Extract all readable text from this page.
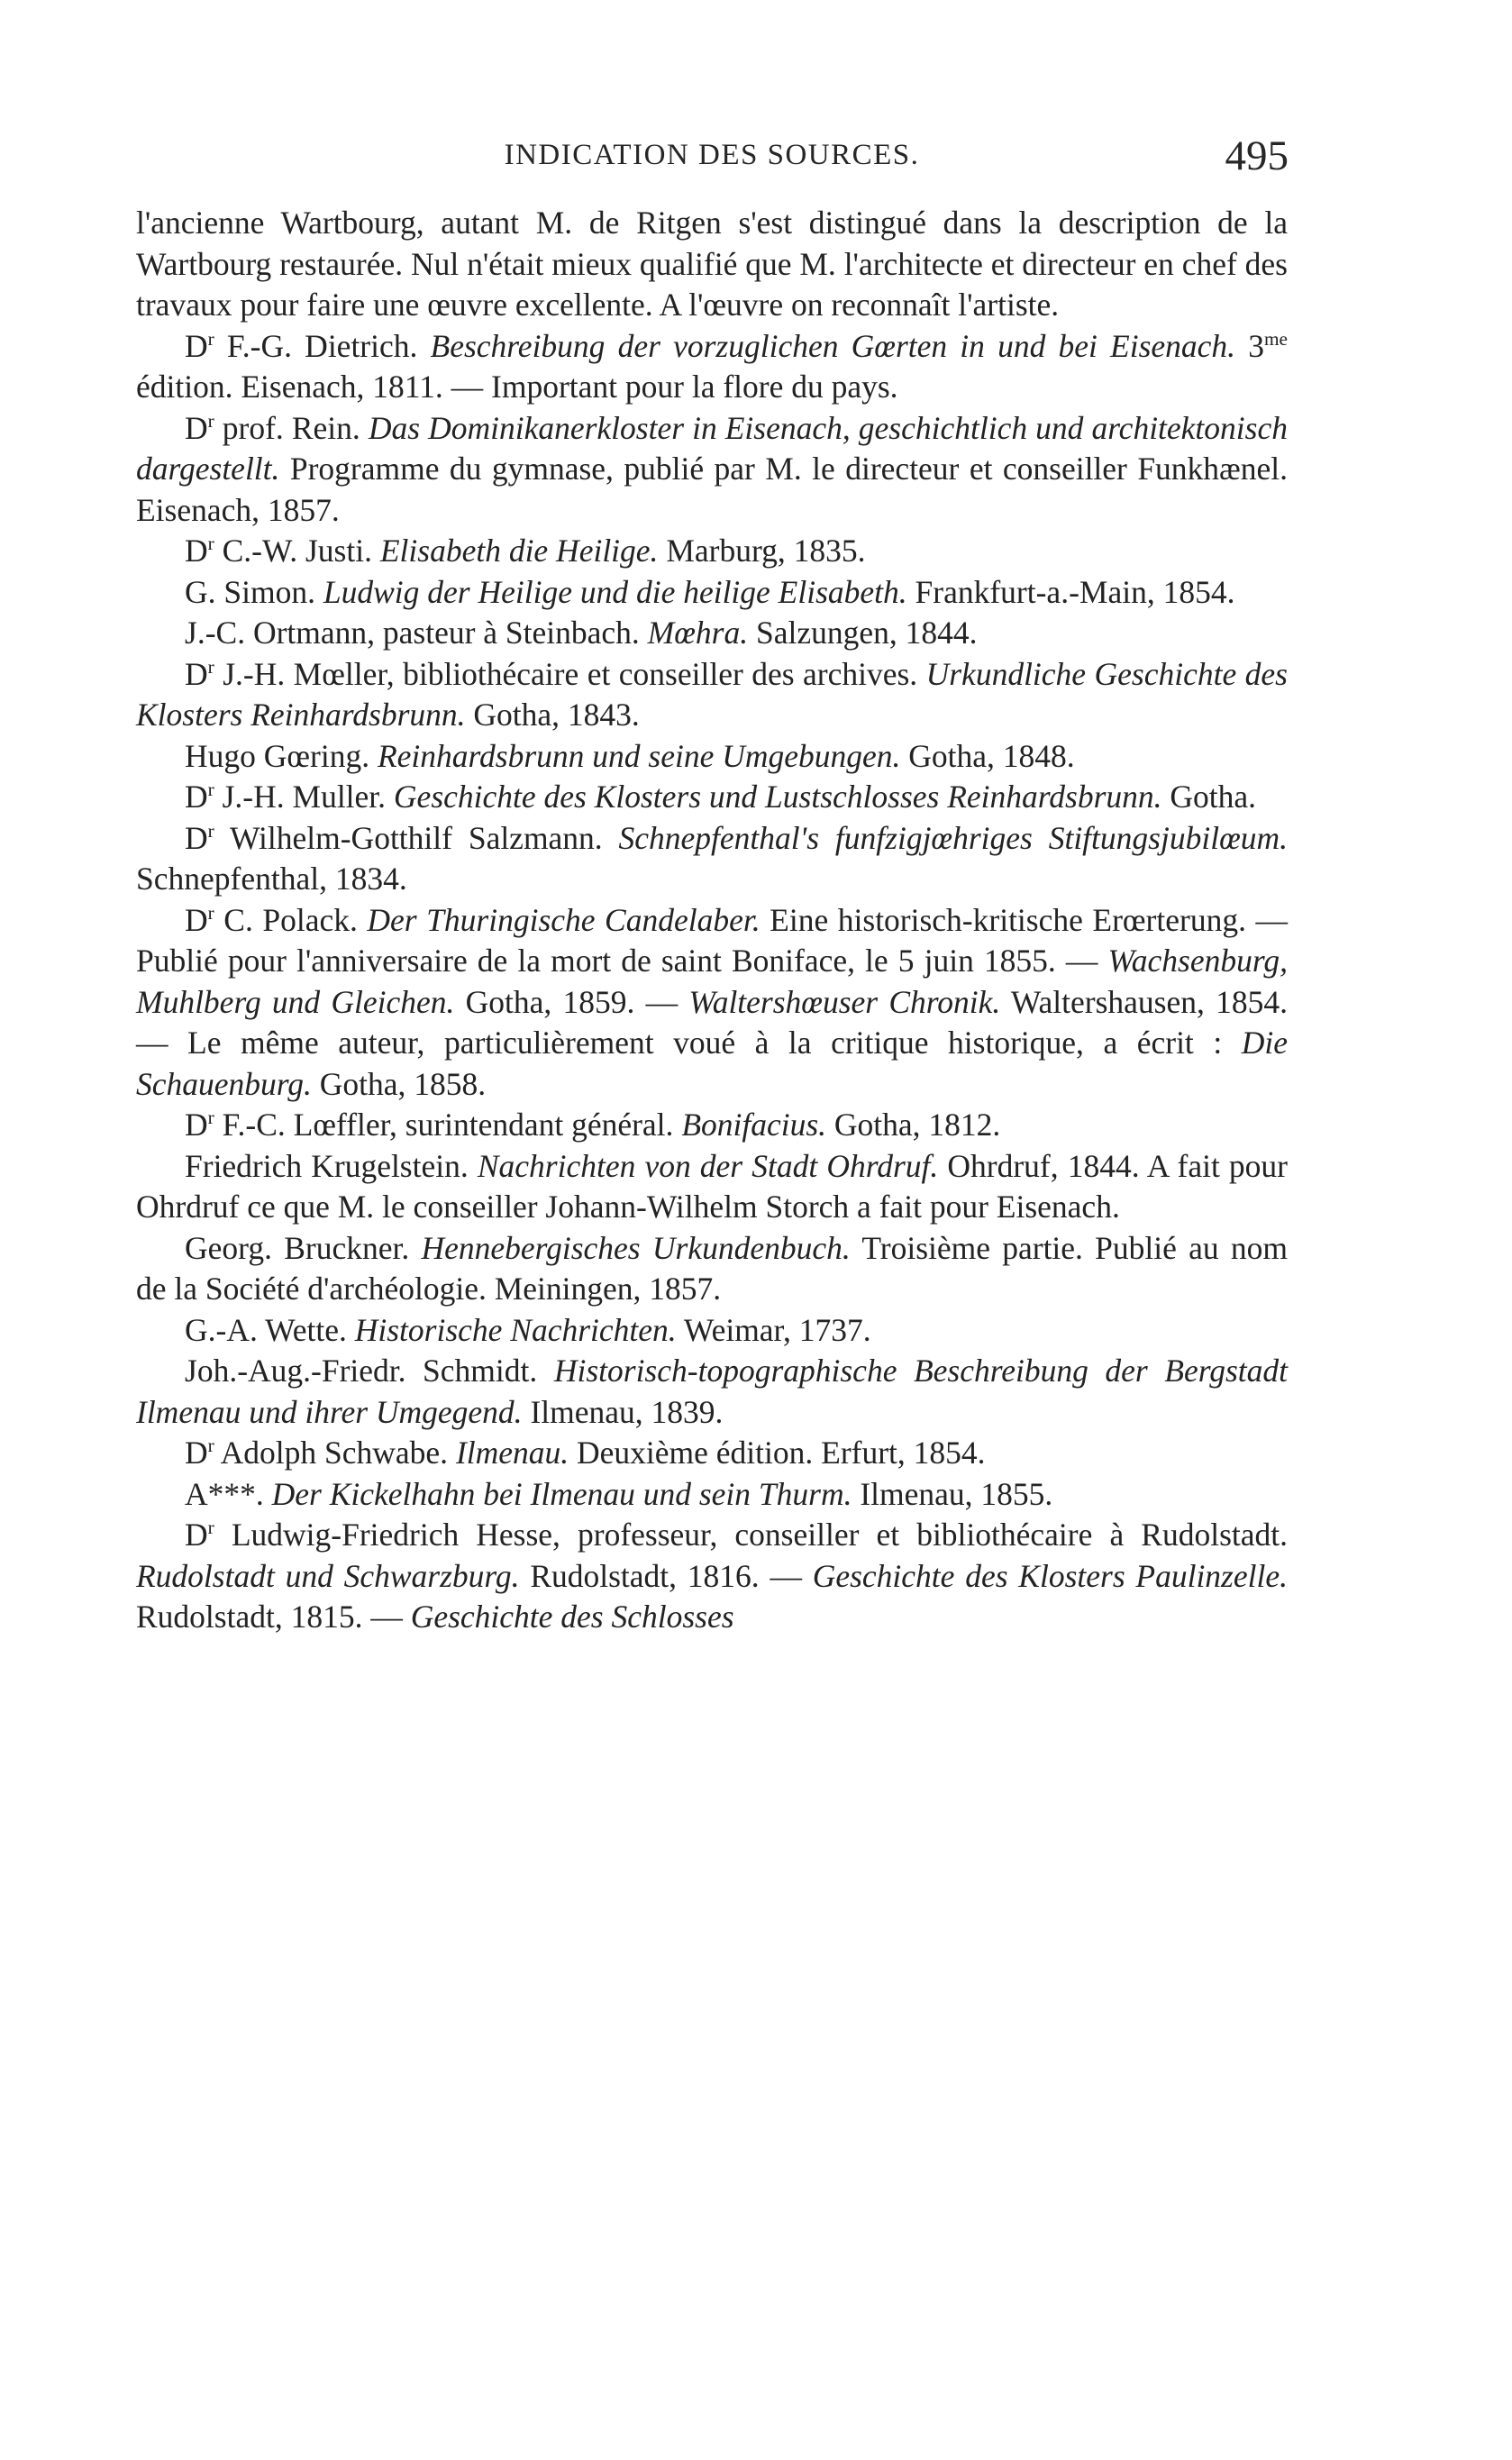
INDICATION DES SOURCES.	495

l'ancienne Wartbourg, autant M. de Ritgen s'est distingué dans la description de la Wartbourg restaurée. Nul n'était mieux qualifié que M. l'architecte et directeur en chef des travaux pour faire une œuvre excellente. A l'œuvre on reconnaît l'artiste.

$D^r$ F.-G. Dietrich. Beschreibung der vorzuglichen Gœrten in und bei Eisenach. $3^{me}$ édition. Eisenach, 1811. — Important pour la flore du pays.

$D^r$ prof. Rein. Das Dominikanerkloster in Eisenach, geschichtlich und architektonisch dargestellt. Programme du gymnase, publié par M. le directeur et conseiller Funkhænel. Eisenach, 1857.

$D^r$ C.-W. Justi. Elisabeth die Heilige. Marburg, 1835.

G. Simon. Ludwig der Heilige und die heilige Elisabeth. Frankfurt-a.-Main, 1854.

J.-C. Ortmann, pasteur à Steinbach. Mœhra. Salzungen, 1844.

$D^r$ J.-H. Mœller, bibliothécaire et conseiller des archives. Urkundliche Geschichte des Klosters Reinhardsbrunn. Gotha, 1843.

Hugo Gœring. Reinhardsbrunn und seine Umgebungen. Gotha, 1848.

$D^r$ J.-H. Muller. Geschichte des Klosters und Lustschlosses Reinhardsbrunn. Gotha.

$D^r$ Wilhelm-Gotthilf Salzmann. Schnepfenthal's funfzigjœhriges Stiftungsjubilœum. Schnepfenthal, 1834.

$D^r$ C. Polack. Der Thuringische Candelaber. Eine historisch-kritische Erœrterung. — Publié pour l'anniversaire de la mort de saint Boniface, le 5 juin 1855. — Wachsenburg, Muhlberg und Gleichen. Gotha, 1859. — Waltershœuser Chronik. Waltershausen, 1854. — Le même auteur, particulièrement voué à la critique historique, a écrit : Die Schauenburg. Gotha, 1858.

$D^r$ F.-C. Lœffler, surintendant général. Bonifacius. Gotha, 1812.

Friedrich Krugelstein. Nachrichten von der Stadt Ohrdruf. Ohrdruf, 1844. A fait pour Ohrdruf ce que M. le conseiller Johann-Wilhelm Storch a fait pour Eisenach.

Georg. Bruckner. Hennebergisches Urkundenbuch. Troisième partie. Publié au nom de la Société d'archéologie. Meiningen, 1857.

G.-A. Wette. Historische Nachrichten. Weimar, 1737.

Joh.-Aug.-Friedr. Schmidt. Historisch-topographische Beschreibung der Bergstadt Ilmenau und ihrer Umgegend. Ilmenau, 1839.

$D^r$ Adolph Schwabe. Ilmenau. Deuxième édition. Erfurt, 1854.

A***. Der Kickelhahn bei Ilmenau und sein Thurm. Ilmenau, 1855.

$D^r$ Ludwig-Friedrich Hesse, professeur, conseiller et bibliothécaire à Rudolstadt. Rudolstadt und Schwarzburg. Rudolstadt, 1816. — Geschichte des Klosters Paulinzelle. Rudolstadt, 1815. — Geschichte des Schlosses
